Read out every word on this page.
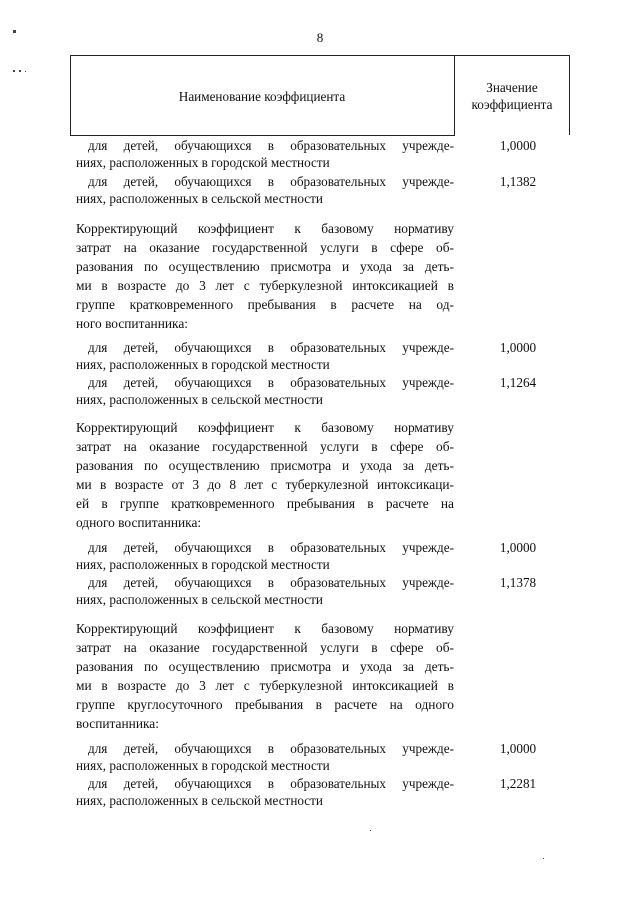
8
Наименование коэффициента
Значение
коэффициента
для детей, обучающихся в образовательных учрежде-
ниях, расположенных в городской местности
1,0000
для детей, обучающихся в образовательных учрежде-
ниях, расположенных в сельской местности
1,1382
Корректирующий коэффициент к базовому нормативу
затрат на оказание государственной услуги в сфере об-
разования по осуществлению присмотра и ухода за деть-
ми в возрасте до 3 лет с туберкулезной интоксикацией в
группе кратковременного пребывания в расчете на од-
ного воспитанника:
для детей, обучающихся в образовательных учрежде-
ниях, расположенных в городской местности
1,0000
для детей, обучающихся в образовательных учрежде-
ниях, расположенных в сельской местности
1,1264
Корректирующий коэффициент к базовому нормативу
затрат на оказание государственной услуги в сфере об-
разования по осуществлению присмотра и ухода за деть-
ми в возрасте от 3 до 8 лет с туберкулезной интоксикаци-
ей в группе кратковременного пребывания в расчете на
одного воспитанника:
для детей, обучающихся в образовательных учрежде-
ниях, расположенных в городской местности
1,0000
для детей, обучающихся в образовательных учрежде-
ниях, расположенных в сельской местности
1,1378
Корректирующий коэффициент к базовому нормативу
затрат на оказание государственной услуги в сфере об-
разования по осуществлению присмотра и ухода за деть-
ми в возрасте до 3 лет с туберкулезной интоксикацией в
группе круглосуточного пребывания в расчете на одного
воспитанника:
для детей, обучающихся в образовательных учрежде-
ниях, расположенных в городской местности
1,0000
для детей, обучающихся в образовательных учрежде-
ниях, расположенных в сельской местности
1,2281
